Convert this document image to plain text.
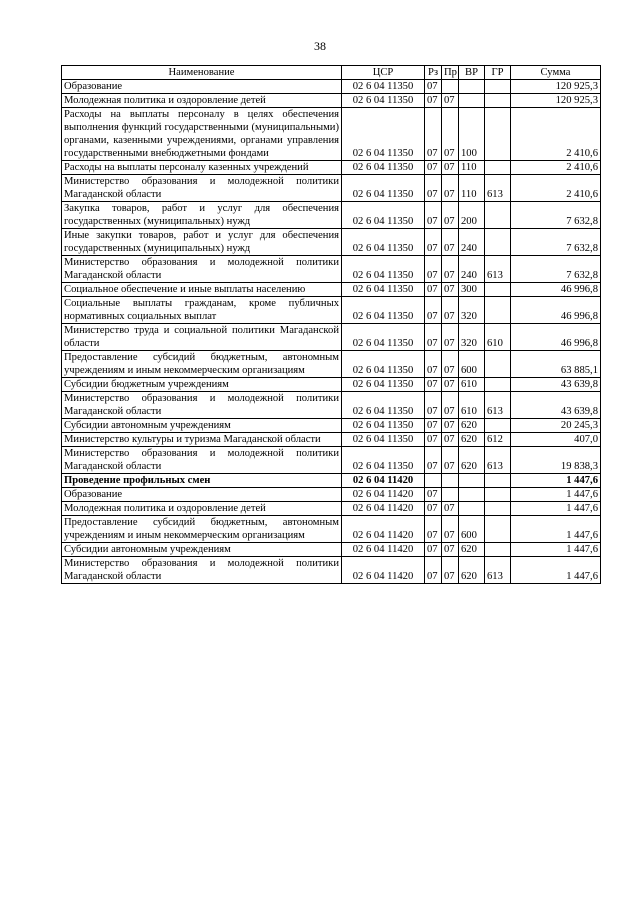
38
Наименование	ЦСР	Рз	Пр	ВР	ГР	Сумма
Образование	02 6 04 11350	07				120 925,3
Молодежная политика и оздоровление детей	02 6 04 11350	07	07			120 925,3
Расходы на выплаты персоналу в целях обеспечения выполнения функций государственными (муниципальными) органами, казенными учреждениями, органами управления государственными внебюджетными фондами	02 6 04 11350	07	07	100		2 410,6
Расходы на выплаты персоналу казенных учреждений	02 6 04 11350	07	07	110		2 410,6
Министерство образования и молодежной политики Магаданской области	02 6 04 11350	07	07	110	613	2 410,6
Закупка товаров, работ и услуг для обеспечения государственных (муниципальных) нужд	02 6 04 11350	07	07	200		7 632,8
Иные закупки товаров, работ и услуг для обеспечения государственных (муниципальных) нужд	02 6 04 11350	07	07	240		7 632,8
Министерство образования и молодежной политики Магаданской области	02 6 04 11350	07	07	240	613	7 632,8
Социальное обеспечение и иные выплаты населению	02 6 04 11350	07	07	300		46 996,8
Социальные выплаты гражданам, кроме публичных нормативных социальных выплат	02 6 04 11350	07	07	320		46 996,8
Министерство труда и социальной политики Магаданской области	02 6 04 11350	07	07	320	610	46 996,8
Предоставление субсидий бюджетным, автономным учреждениям и иным некоммерческим организациям	02 6 04 11350	07	07	600		63 885,1
Субсидии бюджетным учреждениям	02 6 04 11350	07	07	610		43 639,8
Министерство образования и молодежной политики Магаданской области	02 6 04 11350	07	07	610	613	43 639,8
Субсидии автономным учреждениям	02 6 04 11350	07	07	620		20 245,3
Министерство культуры и туризма Магаданской области	02 6 04 11350	07	07	620	612	407,0
Министерство образования и молодежной политики Магаданской области	02 6 04 11350	07	07	620	613	19 838,3
Проведение профильных смен	02 6 04 11420					1 447,6
Образование	02 6 04 11420	07				1 447,6
Молодежная политика и оздоровление детей	02 6 04 11420	07	07			1 447,6
Предоставление субсидий бюджетным, автономным учреждениям и иным некоммерческим организациям	02 6 04 11420	07	07	600		1 447,6
Субсидии автономным учреждениям	02 6 04 11420	07	07	620		1 447,6
Министерство образования и молодежной политики Магаданской области	02 6 04 11420	07	07	620	613	1 447,6
